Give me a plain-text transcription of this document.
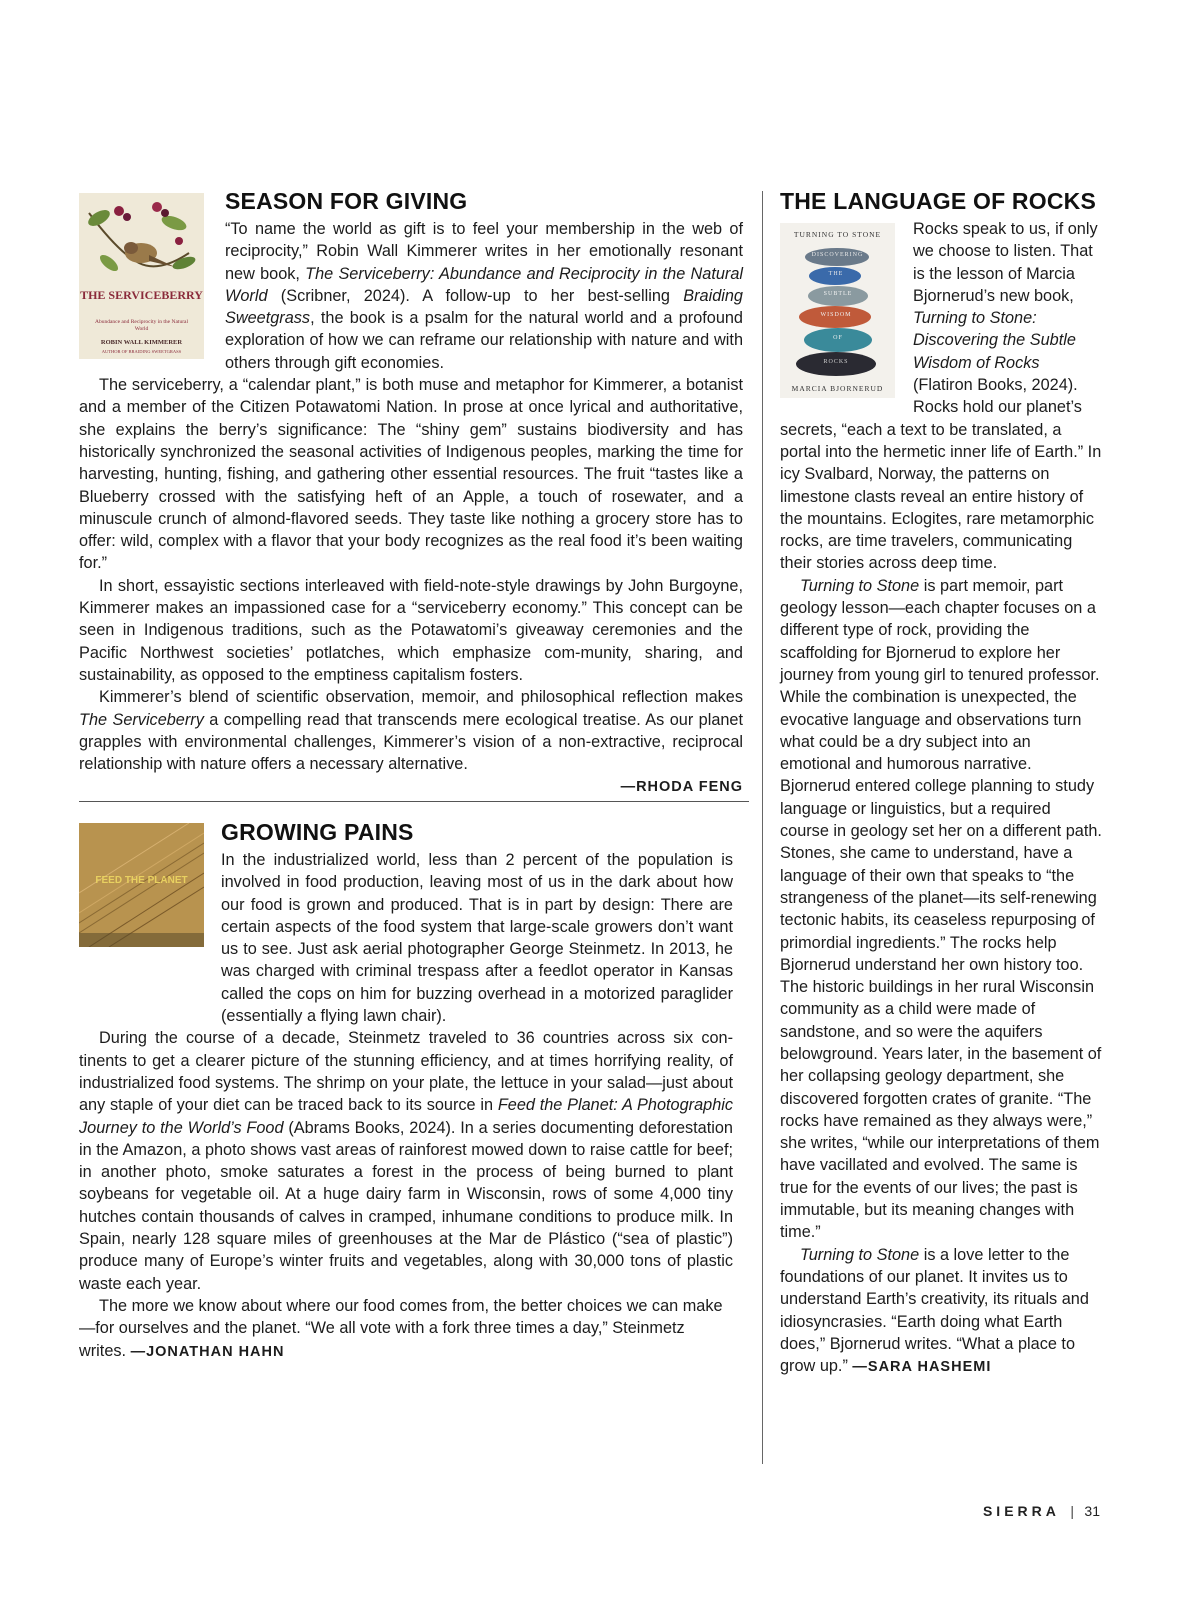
THE SERVICEBERRY
Abundance and Reciprocity in the Natural World
ROBIN WALL KIMMERER
AUTHOR OF BRAIDING SWEETGRASS
SEASON FOR GIVING

“To name the world as gift is to feel your membership in the web of reciprocity,” Robin Wall Kimmerer writes in her emotionally resonant new book, The Serviceberry: Abundance and Reciprocity in the Natural World (Scribner, 2024). A follow-up to her best-selling Braiding Sweetgrass, the book is a psalm for the natural world and a profound exploration of how we can reframe our relationship with nature and with others through gift economies.

The serviceberry, a “calendar plant,” is both muse and metaphor for Kimmerer, a botanist and a member of the Citizen Potawatomi Nation. In prose at once lyrical and authoritative, she explains the berry’s significance: The “shiny gem” sustains biodiversity and has historically synchronized the seasonal activities of Indigenous peoples, marking the time for harvesting, hunting, fishing, and gathering other essential resources. The fruit “tastes like a Blueberry crossed with the satisfying heft of an Apple, a touch of rosewater, and a minuscule crunch of almond-flavored seeds. They taste like nothing a grocery store has to offer: wild, complex with a flavor that your body recognizes as the real food it’s been waiting for.”

In short, essayistic sections interleaved with field-note-style drawings by John Burgoyne, Kimmerer makes an impassioned case for a “serviceberry economy.” This concept can be seen in Indigenous traditions, such as the Potawatomi’s giveaway ceremonies and the Pacific Northwest societies’ potlatches, which emphasize com-munity, sharing, and sustainability, as opposed to the emptiness capitalism fosters.

Kimmerer’s blend of scientific observation, memoir, and philosophical reflection makes The Serviceberry a compelling read that transcends mere ecological treatise. As our planet grapples with environmental challenges, Kimmerer’s vision of a non-extractive, reciprocal relationship with nature offers a necessary alternative.

—RHODA FENG
FEED THE PLANET
GROWING PAINS

In the industrialized world, less than 2 percent of the population is involved in food production, leaving most of us in the dark about how our food is grown and produced. That is in part by design: There are certain aspects of the food system that large-scale growers don’t want us to see. Just ask aerial photographer George Steinmetz. In 2013, he was charged with criminal trespass after a feedlot operator in Kansas called the cops on him for buzzing overhead in a motorized paraglider (essentially a flying lawn chair).

During the course of a decade, Steinmetz traveled to 36 countries across six con-tinents to get a clearer picture of the stunning efficiency, and at times horrifying reality, of industrialized food systems. The shrimp on your plate, the lettuce in your salad—just about any staple of your diet can be traced back to its source in Feed the Planet: A Photographic Journey to the World’s Food (Abrams Books, 2024). In a series documenting deforestation in the Amazon, a photo shows vast areas of rainforest mowed down to raise cattle for beef; in another photo, smoke saturates a forest in the process of being burned to plant soybeans for vegetable oil. At a huge dairy farm in Wisconsin, rows of some 4,000 tiny hutches contain thousands of calves in cramped, inhumane conditions to produce milk. In Spain, nearly 128 square miles of greenhouses at the Mar de Plástico (“sea of plastic”) produce many of Europe’s winter fruits and vegetables, along with 30,000 tons of plastic waste each year.

The more we know about where our food comes from, the better choices we can make—for ourselves and the planet. “We all vote with a fork three times a day,” Steinmetz writes. —JONATHAN HAHN

THE LANGUAGE OF ROCKS
TURNING TO STONE
DISCOVERING
THE
SUBTLE
WISDOM
OF
ROCKS
MARCIA BJORNERUD

Rocks speak to us, if only we choose to listen. That is the lesson of Marcia Bjornerud’s new book, Turning to Stone: Discovering the Subtle Wisdom of Rocks (Flatiron Books, 2024). Rocks hold our planet’s secrets, “each a text to be translated, a portal into the hermetic inner life of Earth.” In icy Svalbard, Norway, the patterns on limestone clasts reveal an entire history of the mountains. Eclogites, rare metamorphic rocks, are time travelers, communicating their stories across deep time.

Turning to Stone is part memoir, part geology lesson—each chapter focuses on a different type of rock, providing the scaffolding for Bjornerud to explore her journey from young girl to tenured professor. While the combination is unexpected, the evocative language and observations turn what could be a dry subject into an emotional and humorous narrative. Bjornerud entered college planning to study language or linguistics, but a required course in geology set her on a different path. Stones, she came to understand, have a language of their own that speaks to “the strangeness of the planet—its self-renewing tectonic habits, its ceaseless repurposing of primordial ingredients.” The rocks help Bjornerud understand her own history too. The historic buildings in her rural Wisconsin community as a child were made of sandstone, and so were the aquifers belowground. Years later, in the basement of her collapsing geology department, she discovered forgotten crates of granite. “The rocks have remained as they always were,” she writes, “while our interpretations of them have vacillated and evolved. The same is true for the events of our lives; the past is immutable, but its meaning changes with time.”

Turning to Stone is a love letter to the foundations of our planet. It invites us to understand Earth’s creativity, its rituals and idiosyncrasies. “Earth doing what Earth does,” Bjornerud writes. “What a place to grow up.” —SARA HASHEMI

SIERRA | 31
